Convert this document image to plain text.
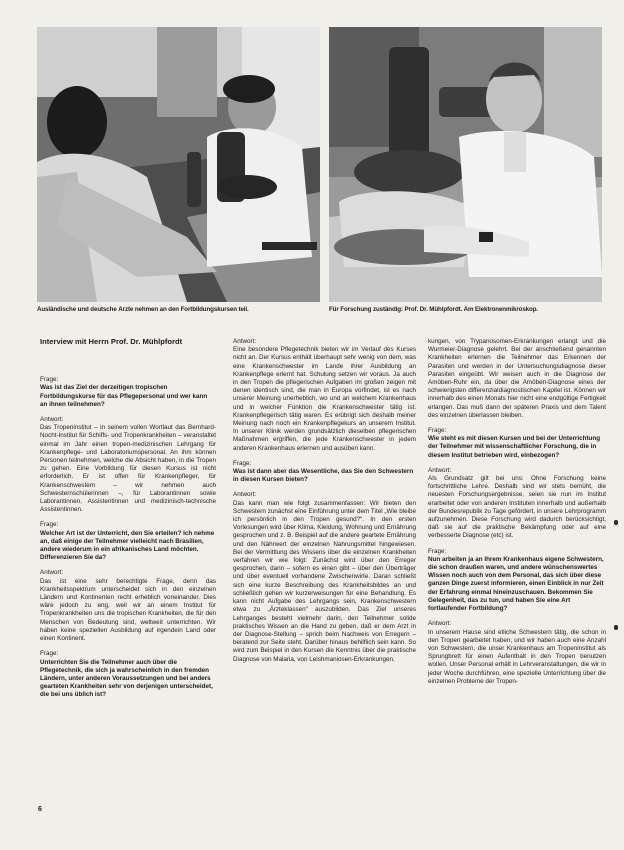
Ausländische und deutsche Ärzte nehmen an den Fortbildungskursen teil.	Für Forschung zuständig: Prof. Dr. Mühlpfordt. Am Elektronenmikroskop.

Interview mit Herrn Prof. Dr. Mühlpfordt

Frage:

Was ist das Ziel der derzeitigen tropischen Fortbildungskurse für das Pflegepersonal und wer kann an ihnen teilnehmen?

Antwort:

Das Tropeninstitut – in seinem vollen Wortlaut das Bernhard-Nocht-Institut für Schiffs- und Tropenkrankheiten – veranstaltet einmal im Jahr einen tropen-medizinischen Lehrgang für Krankenpflege- und Laboratoriumspersonal. An ihm können Personen teilnehmen, welche die Absicht haben, in die Tropen zu gehen. Eine Vorbildung für diesen Kursus ist nicht erforderlich. Er ist offen für Krankenpfleger, für Krankenschwestern – wir nehmen auch Schwesternschülerinnen –, für Laborantinnen sowie Laborantinnen, Assistentinnen und medizinisch-technische Assistentinnen.

Frage:

Welcher Art ist der Unterricht, den Sie erteilen? Ich nehme an, daß einige der Teilnehmer vielleicht nach Brasilien, andere wiederum in ein afrikanisches Land möchten. Differenzieren Sie da?

Antwort:

Das ist eine sehr berechtigte Frage, denn das Krankheitsspektrum unterscheidet sich in den einzelnen Ländern und Kontinenten recht erheblich voneinander. Dies wäre jedoch zu eng, weil wir an einem Institut für Tropenkrankheiten uns die tropischen Krankheiten, die für den Menschen von Bedeutung sind, weltweit unterrichten. Wir haben keine speziellen Ausbildung auf irgendein Land oder einen Kontinent.

Frage:

Unterrichten Sie die Teilnehmer auch über die Pflegetechnik, die sich ja wahrscheinlich in den fremden Ländern, unter anderen Voraussetzungen und bei anders gearteten Krankheiten sehr von derjenigen unterscheidet, die bei uns üblich ist?

Antwort:

Eine besondere Pflegetechnik bieten wir im Verlauf des Kurses nicht an. Der Kursus enthält überhaupt sehr wenig von dem, was eine Krankenschwester im Lande ihrer Ausbildung an Krankenpflege erlernt hat. Schulung setzen wir voraus. Ja auch in den Tropen die pflegerischen Aufgaben im großen zeigen mit denen identisch sind, die man in Europa vorfindet, ist es nach unserer Meinung unerheblich, wo und an welchem Krankenhaus und in welcher Funktion die Krankenschwester tätig ist. Krankenpflegerisch tätig waren. Es erübrigt sich deshalb meiner Meinung nach noch ein Krankenpflegekurs an unserem Institut. In unserer Klinik werden grundsätzlich dieselben pflegerischen Maßnahmen ergriffen, die jede Krankenschwester in jedem anderen Krankenhaus erlernen und ausüben kann.

Frage:

Was ist dann aber das Wesentliche, das Sie den Schwestern in diesen Kursen bieten?

Antwort:

Das kann man wie folgt zusammenfassen: Wir bieten den Schwestern zunächst eine Einführung unter dem Titel „Wie bleibe ich persönlich in den Tropen gesund?“. In den ersten Vorlesungen wird über Klima, Kleidung, Wohnung und Ernährung gesprochen und z. B. Beispiel auf die andere geartete Ernährung und den Nährwert der einzelnen Nahrungsmittel hingewiesen. Bei der Vermittlung des Wissens über die einzelnen Krankheiten verfahren wir wie folgt: Zunächst wird über den Erreger gesprochen, dann – sofern es einen gibt – über den Überträger und über eventuell vorhandene Zwischenwirte. Daran schließt sich eine kurze Beschreibung des Krankheitsbildes an und schließlich gehen wir kurzerweisungen für eine Behandlung. Es kann nicht Aufgabe des Lehrgangs sein, Krankenschwestern etwa zu „Ärzteklassen“ auszubilden. Das Ziel unseres Lehrganges besteht vielmehr darin, den Teilnehmer solide praktisches Wissen an die Hand zu geben, daß er dem Arzt in der Diagnose-Stellung – sprich beim Nachweis von Erregern – beratend zur Seite steht. Darüber hinaus behilflich sein kann. So wird zum Beispiel in den Kursen die Kenntnis über die praktische Diagnose von Malaria, von Leishmaniosen-Erkrankungen,

kungen, von Trypanosomen-Erkrankungen erlangt und die Wurmeier-Diagnose gelehrt. Bei der anschließend genannten Krankheiten erlernen die Teilnehmer das Erkennen der Parasiten und werden in der Untersuchungsdiagnose dieser Parasiten eingeübt. Wir weisen auch in die Diagnose der Amöben-Ruhr ein, da über die Amöben-Diagnose eines der schwierigsten differenzialdiagnostischen Kapitel ist. Können wir innerhalb des einen Monats hier nicht eine endgültige Fertigkeit erlangen. Das muß dann der späteren Praxis und dem Talent des einzelnen überlassen bleiben.

Frage:

Wie steht es mit diesen Kursen und bei der Unterrichtung der Teilnehmer mit wissenschaftlicher Forschung, die in diesem Institut betrieben wird, einbezogen?

Antwort:

Als Grundsatz gilt bei uns: Ohne Forschung keine fortschrittliche Lehre. Deshalb sind wir stets bemüht, die neuesten Forschungsergebnisse, seien sie nun im Institut erarbeitet oder von anderen Instituten innerhalb und außerhalb der Bundesrepublik zu Tage gefördert, in unsere Lehrprogramm aufzunehmen. Diese Forschung wird dadurch berücksichtigt, daß sie auf die praktische Bekämpfung oder auf eine verbesserte Diagnose (etc) ist.

Frage:

Nun arbeiten ja an Ihrem Krankenhaus eigene Schwestern, die schon draußen waren, und andere wünschenswertes Wissen noch auch von dem Personal, das sich über diese ganzen Dinge zuerst informieren, einen Einblick in nur Zeit der Erfahrung einmal hineinzuschauen. Bekommen Sie Gelegenheit, das zu tun, und haben Sie eine Art fortlaufender Fortbildung?

Antwort:

In unserem Hause sind etliche Schwestern tätig, die schon in den Tropen gearbeitet haben, und wir haben auch eine Anzahl von Schwestern, die unser Krankenhaus am Tropeninstitut als Sprungbrett für einen Aufenthalt in den Tropen benutzen wollen. Unser Personal erhält in Lehrveranstaltungen, die wir in jeder Woche durchführen, eine spezielle Unterrichtung über die einzelnen Probleme der Tropen-

6
